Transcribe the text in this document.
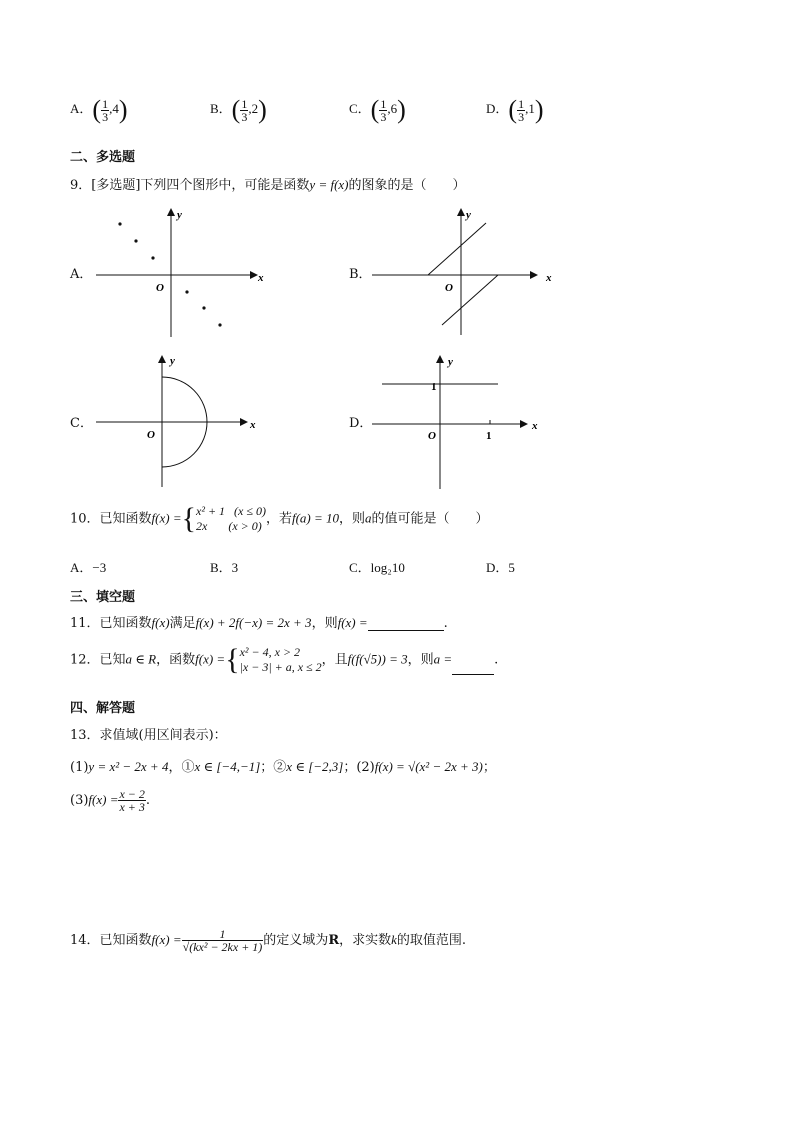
A．( $\frac{1}{3} ,4$)	B．( $\frac{1}{3} ,2$)	C．( $\frac{1}{3} ,6$)	D．( $\frac{1}{3} ,1$)
二、多选题
9．[多选题]下列四个图形中，可能是函数y = f(x)的图象的是（　　）
A．
y
x
O
B．
y
x
O
C．
y
x
O
D．
y
x
O
1
1
10．已知函数f(x) ={ x² + 1 (x ≤ 0)
2x (x > 0) ，若f(a) = 10，则a的值可能是（　　）
A．−3	B．3	C．log₂10	D．5
三、填空题
11．已知函数f(x)满足f(x) + 2f(−x) = 2x + 3，则f(x) =	.
12．已知a ∈ R，函数f(x) ={ x² − 4, x > 2
|x − 3| + a, x ≤ 2 ，且f(f(√5)) = 3，则a =	.
四、解答题
13．求值域(用区间表示)：
(1)y = x² − 2x + 4，①x ∈ [−4,−1]；②x ∈ [−2,3]；(2)f(x) = √(x² − 2x + 3)；
$(3)f(x) = \frac{x - 2}{x + 3}$ .
14．已知函数$f(x) = \frac{1}{\text{√(kx² − 2kx + 1)}}$ 的定义域为R，求实数k的取值范围.
